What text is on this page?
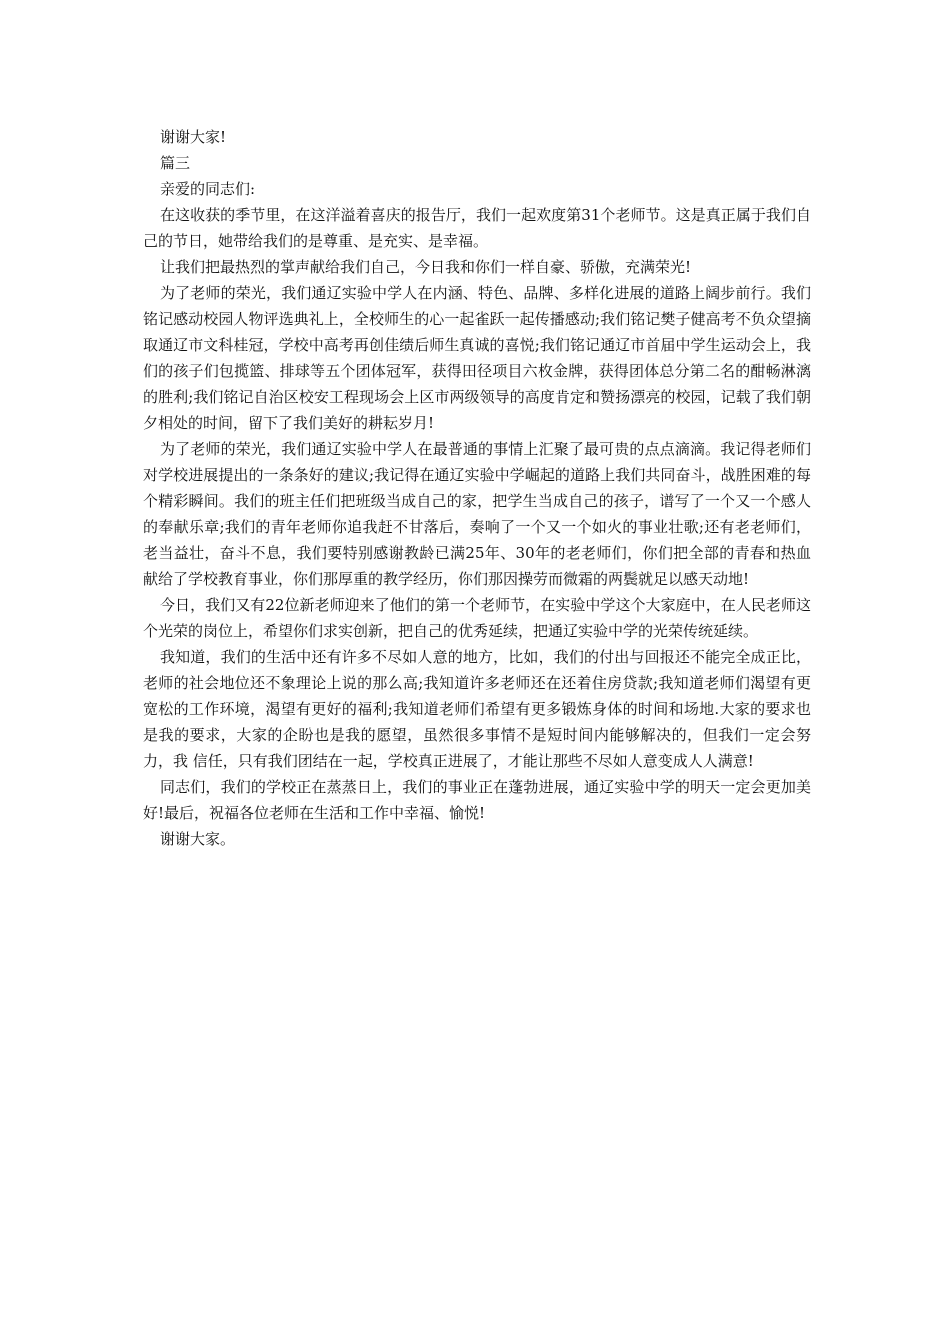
谢谢大家!

篇三

亲爱的同志们:

在这收获的季节里，在这洋溢着喜庆的报告厅，我们一起欢度第31个老师节。这是真正属于我们自己的节日，她带给我们的是尊重、是充实、是幸福。

让我们把最热烈的掌声献给我们自己，今日我和你们一样自豪、骄傲，充满荣光!

为了老师的荣光，我们通辽实验中学人在内涵、特色、品牌、多样化进展的道路上阔步前行。我们铭记感动校园人物评选典礼上，全校师生的心一起雀跃一起传播感动;我们铭记樊子健高考不负众望摘取通辽市文科桂冠，学校中高考再创佳绩后师生真诚的喜悦;我们铭记通辽市首届中学生运动会上，我们的孩子们包揽篮、排球等五个团体冠军，获得田径项目六枚金牌，获得团体总分第二名的酣畅淋漓的胜利;我们铭记自治区校安工程现场会上区市两级领导的高度肯定和赞扬漂亮的校园，记载了我们朝夕相处的时间，留下了我们美好的耕耘岁月!

为了老师的荣光，我们通辽实验中学人在最普通的事情上汇聚了最可贵的点点滴滴。我记得老师们对学校进展提出的一条条好的建议;我记得在通辽实验中学崛起的道路上我们共同奋斗，战胜困难的每个精彩瞬间。我们的班主任们把班级当成自己的家，把学生当成自己的孩子，谱写了一个又一个感人的奉献乐章;我们的青年老师你追我赶不甘落后，奏响了一个又一个如火的事业壮歌;还有老老师们，老当益壮，奋斗不息，我们要特别感谢教龄已满25年、30年的老老师们，你们把全部的青春和热血献给了学校教育事业，你们那厚重的教学经历，你们那因操劳而微霜的两鬓就足以感天动地!

今日，我们又有22位新老师迎来了他们的第一个老师节，在实验中学这个大家庭中，在人民老师这个光荣的岗位上，希望你们求实创新，把自己的优秀延续，把通辽实验中学的光荣传统延续。

我知道，我们的生活中还有许多不尽如人意的地方，比如，我们的付出与回报还不能完全成正比，老师的社会地位还不象理论上说的那么高;我知道许多老师还在还着住房贷款;我知道老师们渴望有更宽松的工作环境，渴望有更好的福利;我知道老师们希望有更多锻炼身体的时间和场地.大家的要求也是我的要求，大家的企盼也是我的愿望，虽然很多事情不是短时间内能够解决的，但我们一定会努力，我 信任，只有我们团结在一起，学校真正进展了，才能让那些不尽如人意变成人人满意!

同志们，我们的学校正在蒸蒸日上，我们的事业正在蓬勃进展，通辽实验中学的明天一定会更加美好!最后，祝福各位老师在生活和工作中幸福、愉悦!

谢谢大家。
